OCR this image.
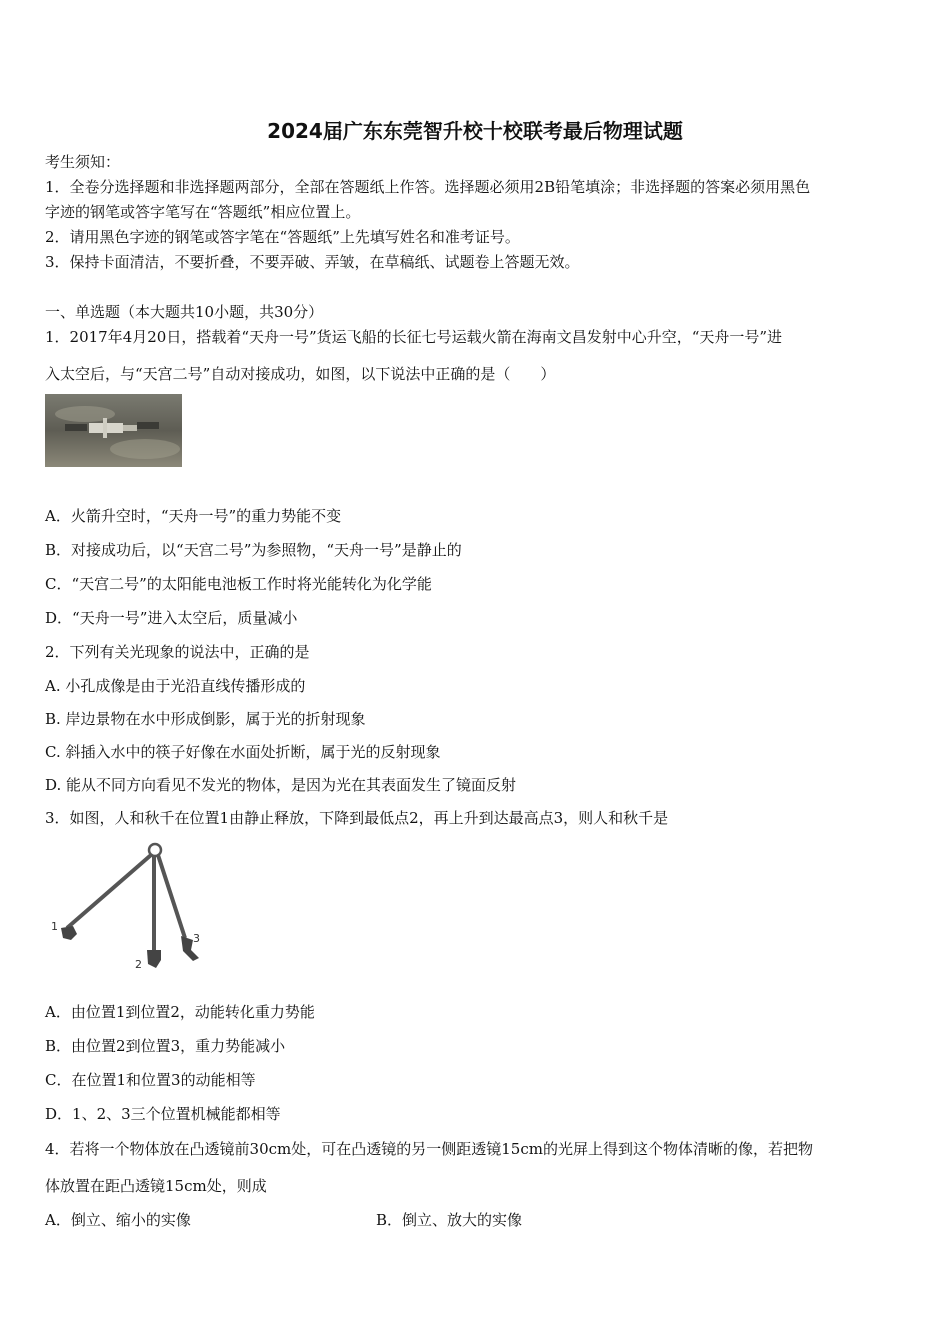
2024届广东东莞智升校十校联考最后物理试题
考生须知：
1．全卷分选择题和非选择题两部分，全部在答题纸上作答。选择题必须用2B铅笔填涂；非选择题的答案必须用黑色
字迹的钢笔或答字笔写在“答题纸”相应位置上。
2．请用黑色字迹的钢笔或答字笔在“答题纸”上先填写姓名和准考证号。
3．保持卡面清洁，不要折叠，不要弄破、弄皱，在草稿纸、试题卷上答题无效。
一、单选题（本大题共10小题，共30分）
1．2017年4月20日，搭载着“天舟一号”货运飞船的长征七号运载火箭在海南文昌发射中心升空，“天舟一号”进
入太空后，与“天宫二号”自动对接成功，如图，以下说法中正确的是（　　）
A．火箭升空时，“天舟一号”的重力势能不变
B．对接成功后，以“天宫二号”为参照物，“天舟一号”是静止的
C．“天宫二号”的太阳能电池板工作时将光能转化为化学能
D．“天舟一号”进入太空后，质量减小
2．下列有关光现象的说法中，正确的是
A. 小孔成像是由于光沿直线传播形成的
B. 岸边景物在水中形成倒影，属于光的折射现象
C. 斜插入水中的筷子好像在水面处折断，属于光的反射现象
D. 能从不同方向看见不发光的物体，是因为光在其表面发生了镜面反射
3．如图，人和秋千在位置1由静止释放，下降到最低点2，再上升到达最高点3，则人和秋千是
1
2
3
A．由位置1到位置2，动能转化重力势能
B．由位置2到位置3，重力势能减小
C．在位置1和位置3的动能相等
D．1、2、3三个位置机械能都相等
4．若将一个物体放在凸透镜前30cm处，可在凸透镜的另一侧距透镜15cm的光屏上得到这个物体清晰的像，若把物
体放置在距凸透镜15cm处，则成
A．倒立、缩小的实像	B．倒立、放大的实像
